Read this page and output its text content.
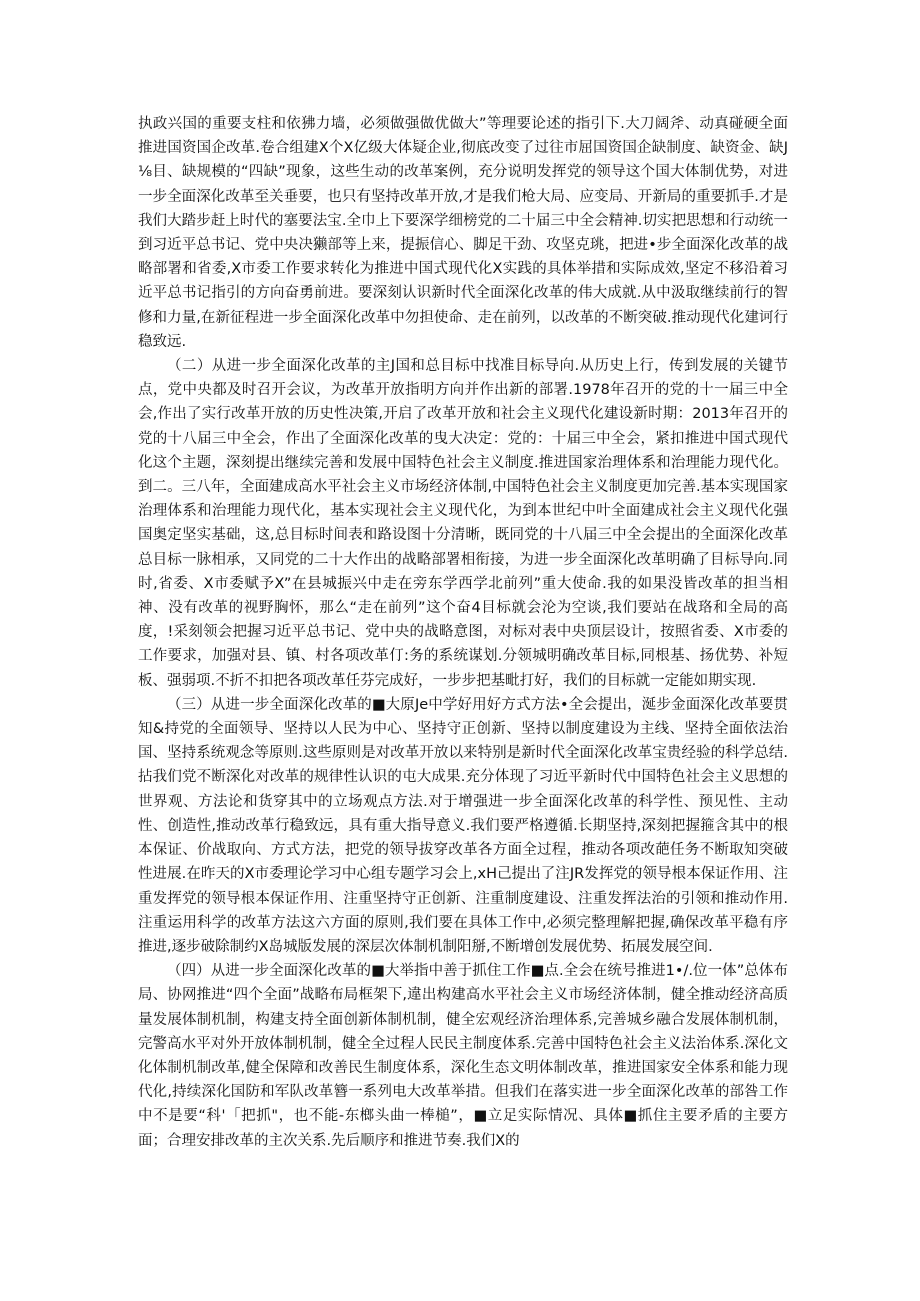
执政兴国的重要支柱和依狒力墙，必须做强做优做大”等理要论述的指引下.大刀阔斧、动真碰硬全面推进国资国企改革.卷合组建X个X亿级大体疑企业,彻底改变了过往市屈国资国企缺制度、缺资金、缺J⅛目、缺规模的“四缺”现象，这些生动的改革案例，充分说明发挥党的领导这个国大体制优势，对进一步全面深化改革至关垂要，也只有坚持改革开放,才是我们枪大局、应变局、开新局的重要抓手.才是我们大踏步赶上时代的塞要法宝.全巾上下要深学细榜党的二十届三中全会精神.切实把思想和行动统一到习近平总书记、党中央决獭部等上来，提振信心、脚足干劲、攻坚克珧，把进•步全面深化改革的战略部署和省委,X市委工作要求转化为推进中国式现代化X实践的具体举措和实际成效,坚定不移沿着习近平总书记指引的方向奋勇前进。要深刻认识新时代全面深化改革的伟大成就.从中汲取继续前行的智修和力量,在新征程进一步全面深化改革中勿担使命、走在前列，以改革的不断突破.推动现代化建诃行稳致远.

（二）从进一步全面深化改革的主J国和总目标中找准目标导向.从历史上行，传到发展的关键节点，党中央都及时召开会议，为改革开放指明方向并作出新的部署.1978年召开的党的十一届三中全会,作出了实行改革开放的历史性决策,开启了改革开放和社会主义现代化建设新时期：2013年召开的党的十八届三中全会，作出了全面深化改革的曳大决定：党的：十届三中全会，紧扣推进中国式现代化这个主题，深刻提出继续完善和发展中国特色社会主义制度.推进国家治理体系和治理能力现代化。到二。三八年，全面建成高水平社会主义市场经济体制,中国特色社会主义制度更加完善.基本实现国家治理体系和治理能力现代化，基本实现社会主义现代化，为到本世纪中叶全面建成社会主义现代化强国奥定坚实基础，这,总目标时间表和路设图十分清晰，既同党的十八届三中全会提出的全面深化改革总目标一脉相承，又同党的二十大作出的战略部署相衔接，为进一步全面深化改革明确了目标导向.同时,省委、X市委赋予X”在县城振兴中走在旁东学西学北前列”重大使命.我的如果没皆改革的担当相神、没有改革的视野胸怀，那么“走在前列”这个奋4目标就会沦为空谈,我们要站在战珞和全局的高度，!采刻领会把握习近平总书记、党中央的战略意图，对标对表中央顶层设计，按照省委、X市委的工作要求，加强对县、镇、村各项改革仃:务的系统谋划.分领城明确改革目标,同根基、扬优势、补短板、强弱项.不折不扣把各项改革任芬完成好，一步步把基毗打好，我们的目标就一定能如期实现.

（三）从进一步全面深化改革的■大原Je中学好用好方式方法•全会提出，涎步金面深化改革要贯知&持党的全面领导、坚持以人民为中心、坚持守正创新、坚持以制度建设为主线、坚持全面依法治国、坚持系统观念等原则.这些原则是对改革开放以来特别是新时代全面深化改革宝贵经验的科学总结.拈我们党不断深化对改革的规律性认识的屯大成果.充分体现了习近平新时代中国特色社会主义思想的世界观、方法论和货穿其中的立场观点方法.对于增强进一步全面深化改革的科学性、预见性、主动性、创造性,推动改革行稳致远，具有重大指导意义.我们要严格遵循.长期坚持,深刻把握箍含其中的根本保证、价战取向、方式方法，把党的领导拔穿改革各方面全过程，推动各项改葩任务不断取知突破性进展.在昨天的X市委理论学习中心组专题学习会上,xH己提出了注JR发挥党的领导根本保证作用、注重发挥党的领导根本保证作用、注重坚持守正创新、注重制度建设、注重发挥法治的引领和推动作用.注重运用科学的改革方法这六方面的原则,我们要在具体工作中,必须完整理解把握,确保改革平稳有序推进,逐步破除制约X岛城版发展的深层次体制机制阳掰,不断增创发展优势、拓展发展空间.

（四）从进一步全面深化改革的■大举指中善于抓住工作■点.全会在统号推进1•/.位一体”总体布局、协网推进“四个全面”战略布局框架下,違出构建高水平社会主义市场经济体制，健全推动经济高质量发展体制机制，构建支持全面创新体制机制，健全宏观经济治理体系,完善城乡融合发展体制机制，完警高水平对外开放体制机制，健全全过程人民民主制度体系.完善中国特色社会主义法治体系.深化文化体制机制改革,健全保障和改善民生制度体系，深化生态文明体制改革，推进国家安全体系和能力现代化,持续深化国防和军队改革簪一系列电大改革举措。但我们在落实进一步全面深化改革的部咎工作中不是要“科'「把抓"，也不能-东榔头曲一棒槌”，■立足实际情况、具体■抓住主要矛盾的主要方面；合理安排改革的主次关系.先后顺序和推进节奏.我们X的
